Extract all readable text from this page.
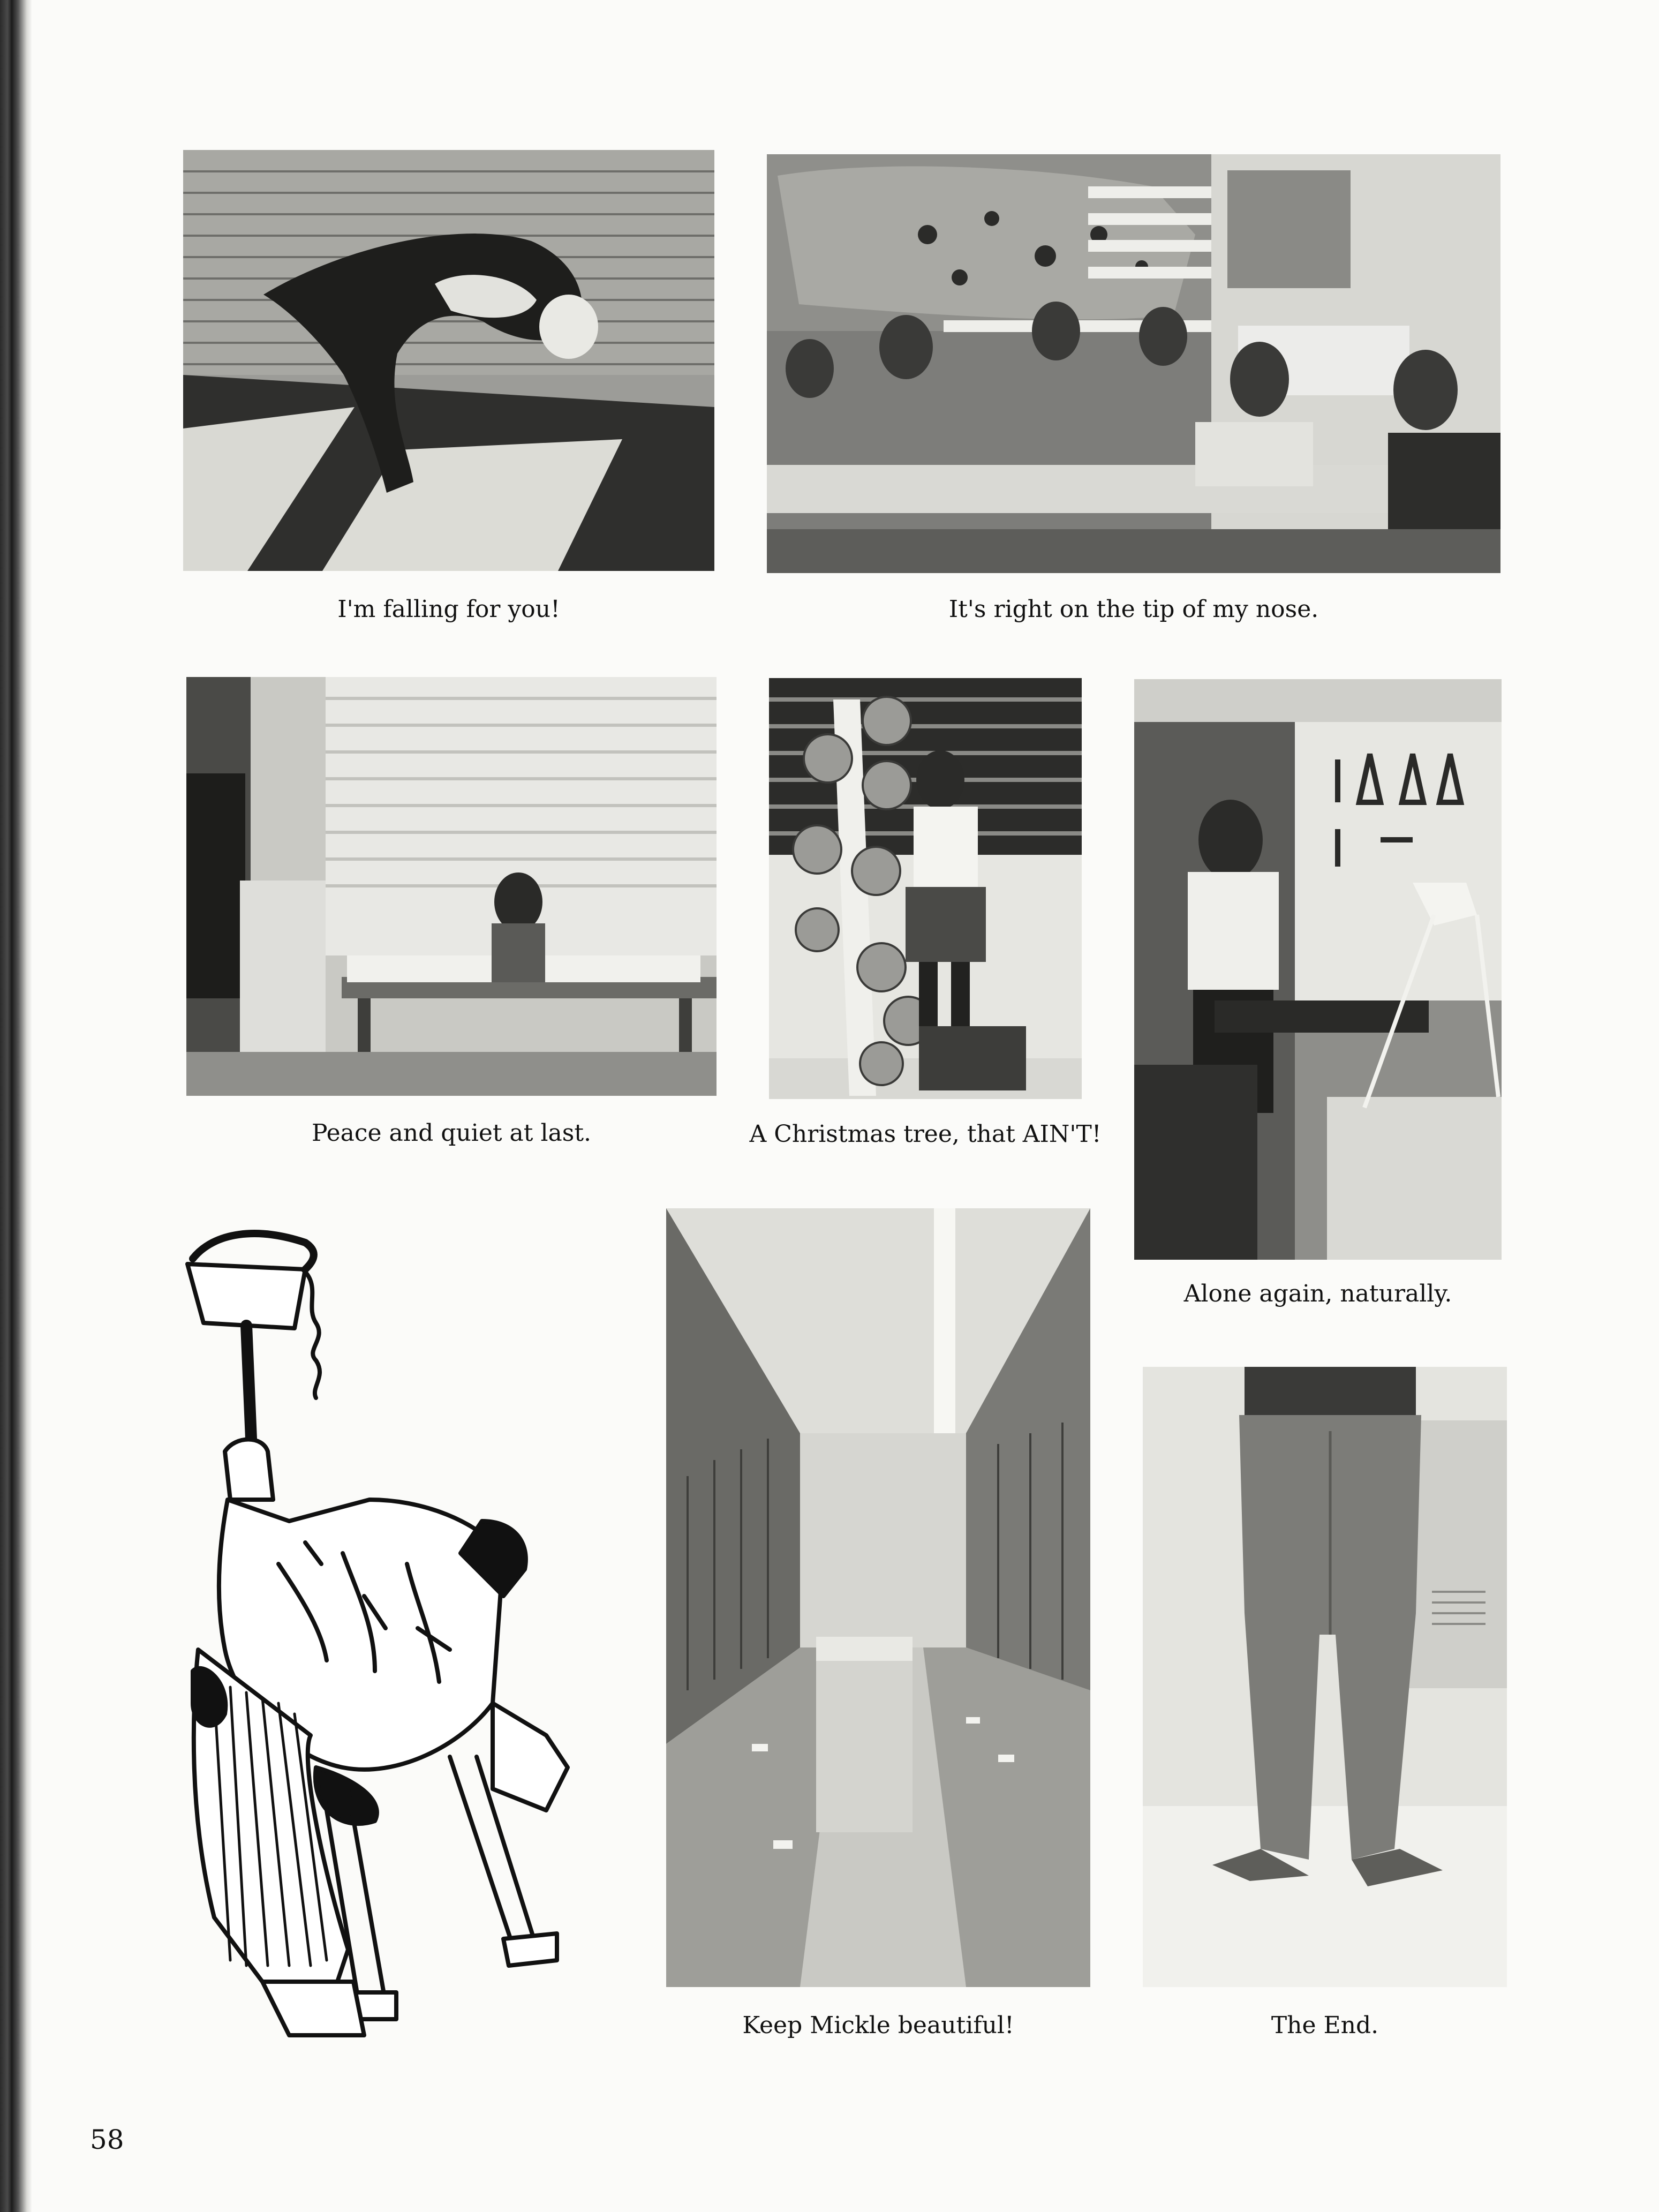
I'm falling for you!	It's right on the tip of my nose.
Peace and quiet at last.	A Christmas tree, that AIN'T!
Alone again, naturally.
Keep Mickle beautiful!	The End.
58
